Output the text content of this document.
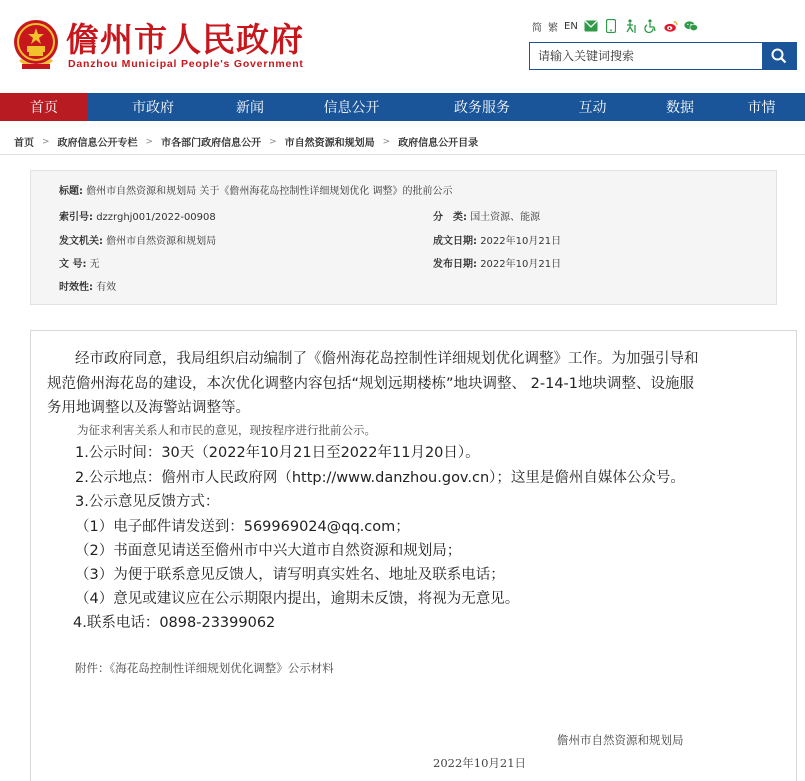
儋州市人民政府
Danzhou Municipal People's Government
简 繁 EN
请输入关键词搜索
首页	市政府	新闻	信息公开	政务服务	互动	数据	市情
首页 > 政府信息公开专栏 > 市各部门政府信息公开 > 市自然资源和规划局 > 政府信息公开目录
标题: 儋州市自然资源和规划局 关于《儋州海花岛控制性详细规划优化 调整》的批前公示
索引号: dzzrghj001/2022-00908	分　类: 国土资源、能源
发文机关: 儋州市自然资源和规划局	成文日期: 2022年10月21日
文 号: 无	发布日期: 2022年10月21日
时效性: 有效
经市政府同意，我局组织启动编制了《儋州海花岛控制性详细规划优化调整》工作。为加强引导和
规范儋州海花岛的建设，本次优化调整内容包括“规划远期楼栋”地块调整、 2-14-1地块调整、设施服
务用地调整以及海警站调整等。
为征求利害关系人和市民的意见，现按程序进行批前公示。
1.公示时间：30天（2022年10月21日至2022年11月20日）。
2.公示地点：儋州市人民政府网（http://www.danzhou.gov.cn）；这里是儋州自媒体公众号。
3.公示意见反馈方式：
（1）电子邮件请发送到：569969024@qq.com；
（2）书面意见请送至儋州市中兴大道市自然资源和规划局；
（3）为便于联系意见反馈人，请写明真实姓名、地址及联系电话；
（4）意见或建议应在公示期限内提出，逾期未反馈，将视为无意见。
4.联系电话：0898-23399062
附件：《海花岛控制性详细规划优化调整》公示材料
儋州市自然资源和规划局
2022年10月21日
